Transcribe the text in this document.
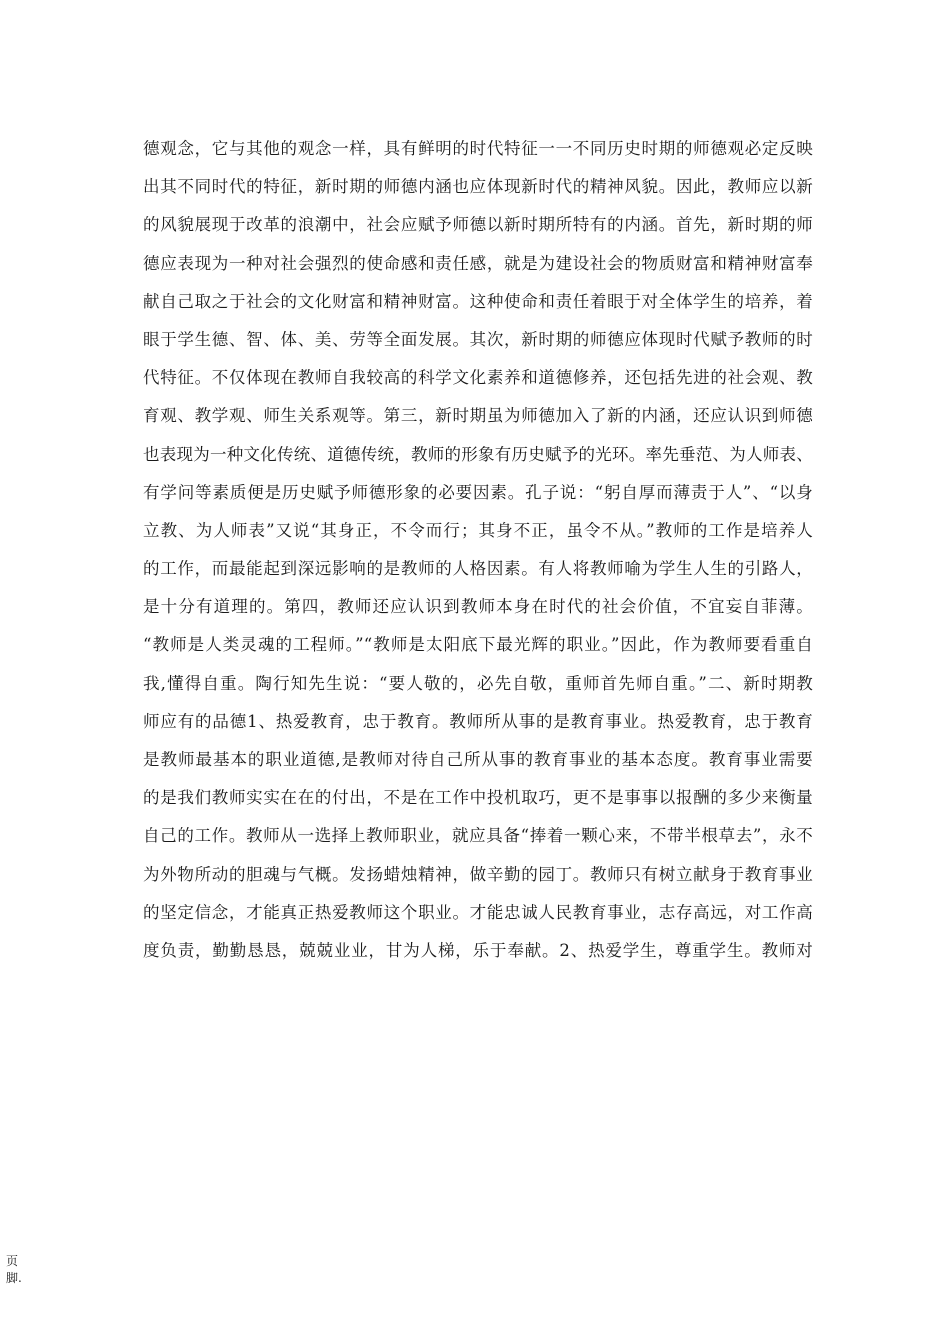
德观念，它与其他的观念一样，具有鲜明的时代特征一一不同历史时期的师德观必定反映
出其不同时代的特征，新时期的师德内涵也应体现新时代的精神风貌。因此，教师应以新
的风貌展现于改革的浪潮中，社会应赋予师德以新时期所特有的内涵。首先，新时期的师
德应表现为一种对社会强烈的使命感和责任感，就是为建设社会的物质财富和精神财富奉
献自己取之于社会的文化财富和精神财富。这种使命和责任着眼于对全体学生的培养，着
眼于学生德、智、体、美、劳等全面发展。其次，新时期的师德应体现时代赋予教师的时
代特征。不仅体现在教师自我较高的科学文化素养和道德修养，还包括先进的社会观、教
育观、教学观、师生关系观等。第三，新时期虽为师德加入了新的内涵，还应认识到师德
也表现为一种文化传统、道德传统，教师的形象有历史赋予的光环。率先垂范、为人师表、
有学问等素质便是历史赋予师德形象的必要因素。孔子说：“躬自厚而薄责于人”、“以身
立教、为人师表”又说“其身正，不令而行；其身不正，虽令不从。”教师的工作是培养人
的工作，而最能起到深远影响的是教师的人格因素。有人将教师喻为学生人生的引路人，
是十分有道理的。第四，教师还应认识到教师本身在时代的社会价值，不宜妄自菲薄。
“教师是人类灵魂的工程师。”“教师是太阳底下最光辉的职业。”因此，作为教师要看重自
我,懂得自重。陶行知先生说：“要人敬的，必先自敬，重师首先师自重。”二、新时期教
师应有的品德1、热爱教育，忠于教育。教师所从事的是教育事业。热爱教育，忠于教育
是教师最基本的职业道德,是教师对待自己所从事的教育事业的基本态度。教育事业需要
的是我们教师实实在在的付出，不是在工作中投机取巧，更不是事事以报酬的多少来衡量
自己的工作。教师从一选择上教师职业，就应具备“捧着一颗心来，不带半根草去”，永不
为外物所动的胆魂与气概。发扬蜡烛精神，做辛勤的园丁。教师只有树立献身于教育事业
的坚定信念，才能真正热爱教师这个职业。才能忠诚人民教育事业，志存高远，对工作高
度负责，勤勤恳恳，兢兢业业，甘为人梯，乐于奉献。2、热爱学生，尊重学生。教师对
页
脚.
